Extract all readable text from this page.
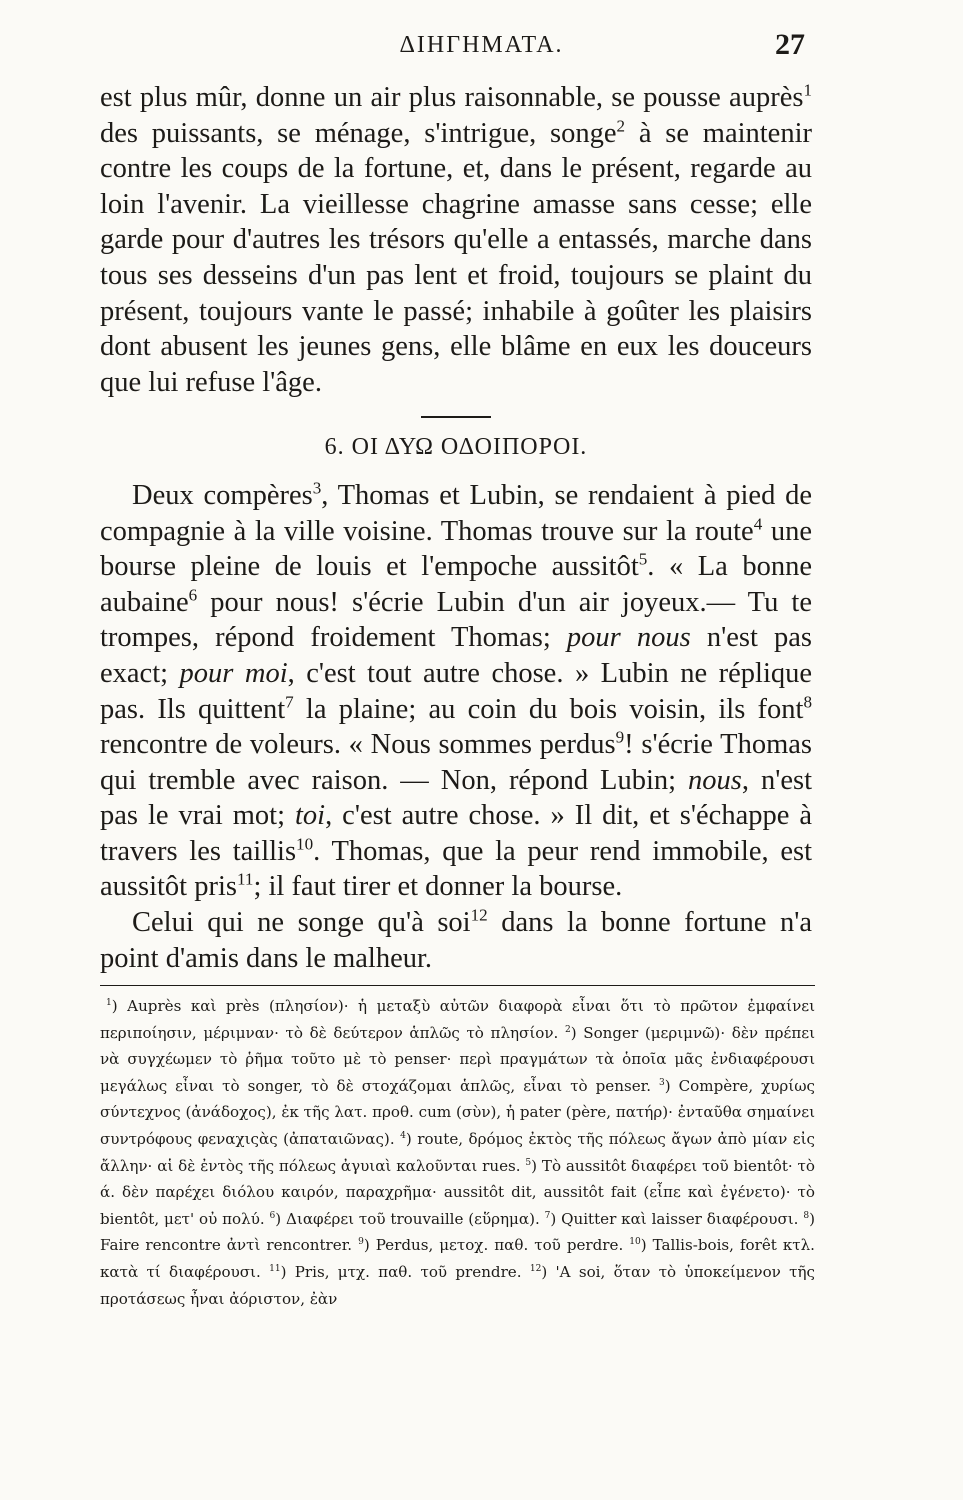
ΔΙΗΓΗΜΑΤΑ.	27

est plus mûr, donne un air plus raisonnable, se pousse auprès$^1$ des puissants, se ménage, s'intrigue, songe$^2$ à se maintenir contre les coups de la fortune, et, dans le présent, regarde au loin l'avenir. La vieillesse chagrine amasse sans cesse; elle garde pour d'autres les trésors qu'elle a entassés, marche dans tous ses desseins d'un pas lent et froid, toujours se plaint du présent, toujours vante le passé; inhabile à goûter les plaisirs dont abusent les jeunes gens, elle blâme en eux les douceurs que lui refuse l'âge.

6. ΟΙ ΔΥΩ ΟΔΟΙΠΟΡΟΙ.

Deux compères$^3$, Thomas et Lubin, se rendaient à pied de compagnie à la ville voisine. Thomas trouve sur la route$^4$ une bourse pleine de louis et l'empoche aussitôt$^5$. « La bonne aubaine$^6$ pour nous! s'écrie Lubin d'un air joyeux.— Tu te trompes, répond froidement Thomas; pour nous n'est pas exact; pour moi, c'est tout autre chose. » Lubin ne réplique pas. Ils quittent$^7$ la plaine; au coin du bois voisin, ils font$^8$ rencontre de voleurs. « Nous sommes perdus$^9$! s'écrie Thomas qui tremble avec raison. — Non, répond Lubin; nous, n'est pas le vrai mot; toi, c'est autre chose. » Il dit, et s'échappe à travers les taillis$^{10}$. Thomas, que la peur rend immobile, est aussitôt pris$^{11}$; il faut tirer et donner la bourse.

Celui qui ne songe qu'à soi$^{12}$ dans la bonne fortune n'a point d'amis dans le malheur.

$^1$) Auprès καὶ près (πλησίον)· ἡ μεταξὺ αὐτῶν διαφορὰ εἶναι ὅτι τὸ πρῶτον ἐμφαίνει περιποίησιν, μέριμναν· τὸ δὲ δεύτερον ἁπλῶς τὸ πλησίον. $^2$) Songer (μεριμνῶ)· δὲν πρέπει νὰ συγχέωμεν τὸ ῥῆμα τοῦτο μὲ τὸ penser· περὶ πραγμάτων τὰ ὁποῖα μᾶς ἐνδιαφέρουσι μεγάλως εἶναι τὸ songer, τὸ δὲ στοχάζομαι ἁπλῶς, εἶναι τὸ penser. $^3$) Compère, χυρίως σύντεχνος (ἀνάδοχος), ἐκ τῆς λατ. προθ. cum (σὺν), ἡ pater (père, πατήρ)· ἐνταῦθα σημαίνει συντρόφους φεναχιςὰς (ἀπαταιῶνας). $^4$) route, δρόμος ἐκτὸς τῆς πόλεως ἄγων ἀπὸ μίαν εἰς ἄλλην· αἱ δὲ ἐντὸς τῆς πόλεως ἀγυιαὶ καλοῦνται rues. $^5$) Τὸ aussitôt διαφέρει τοῦ bientôt· τὸ ά. δὲν παρέχει διόλου καιρόν, παραχρῆμα· aussitôt dit, aussitôt fait (εἶπε καὶ ἐγένετο)· τὸ bientôt, μετ' οὐ πολύ. $^6$) Διαφέρει τοῦ trouvaille (εὕρημα). $^7$) Quitter καὶ laisser διαφέρουσι. $^8$) Faire rencontre ἀντὶ rencontrer. $^9$) Perdus, μετοχ. παθ. τοῦ perdre. $^{10}$) Tallis-bois, forêt κτλ. κατὰ τί διαφέρουσι. $^{11}$) Pris, μτχ. παθ. τοῦ prendre. $^{12}$) 'A soi, ὅταν τὸ ὑποκείμενον τῆς προτάσεως ἦναι ἀόριστον, ἐὰν
